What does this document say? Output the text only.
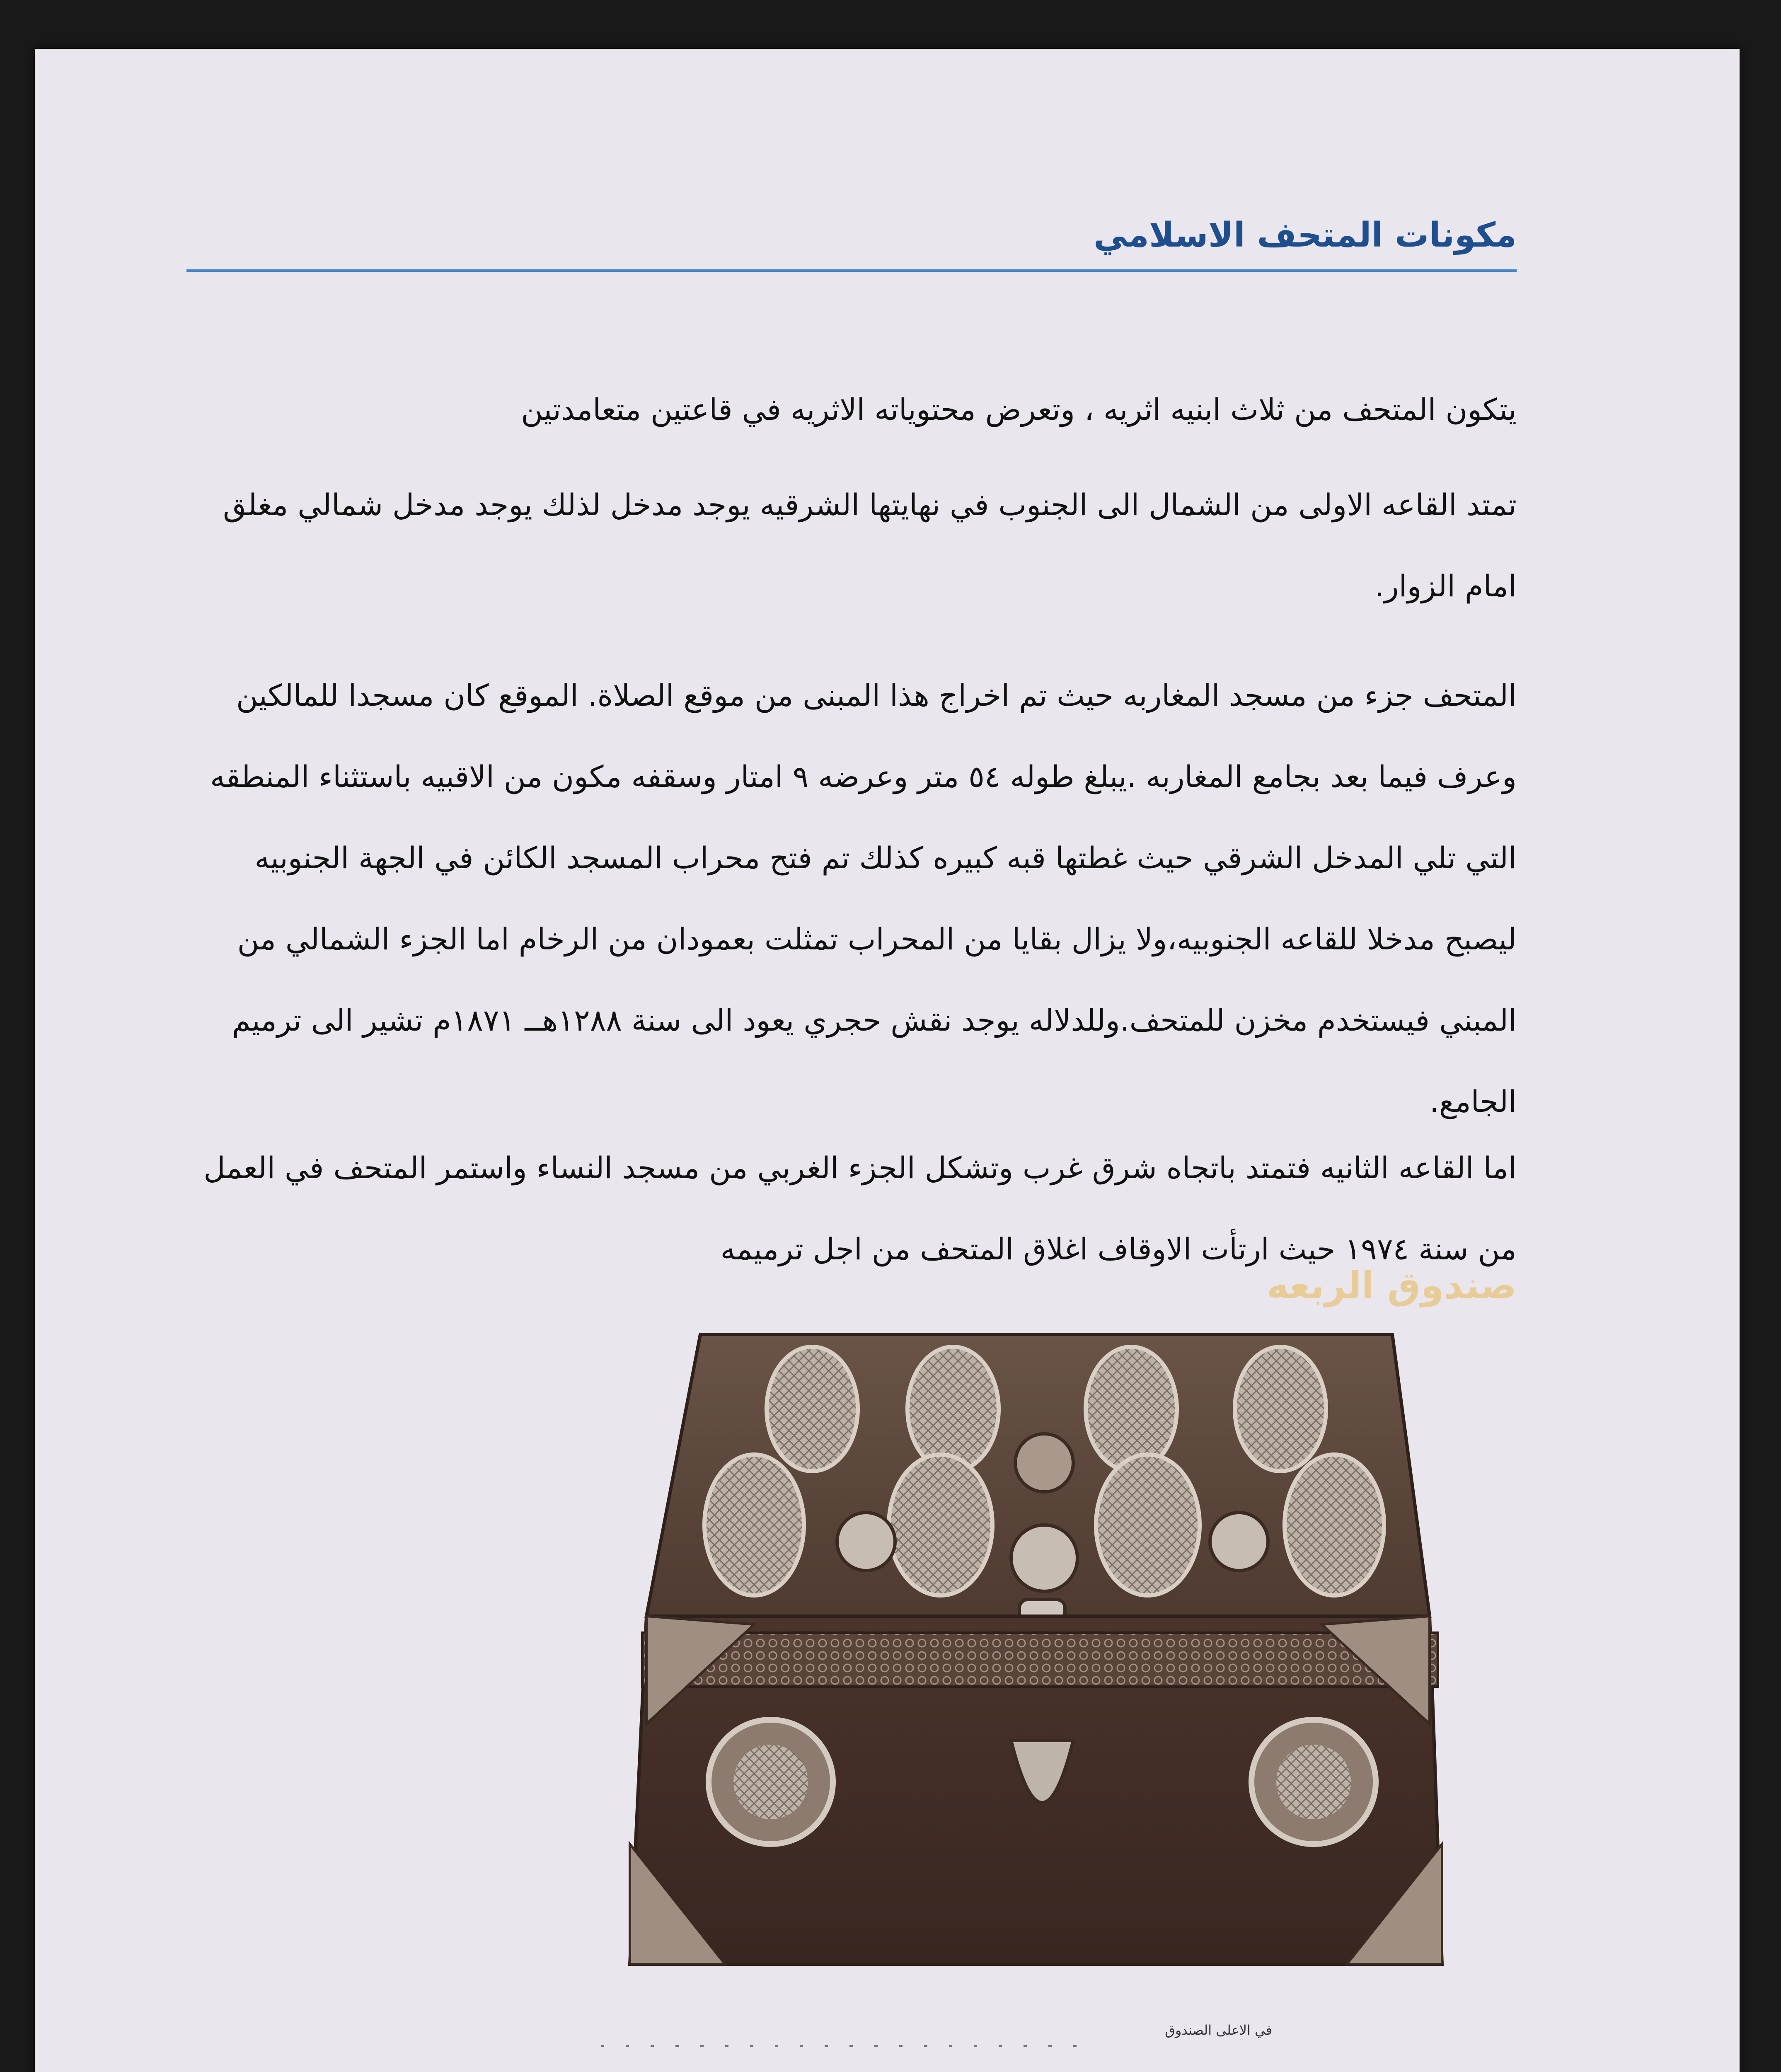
مكونات المتحف الاسلامي
يتكون المتحف من ثلاث ابنيه اثريه ، وتعرض محتوياته الاثريه في قاعتين متعامدتين
تمتد القاعه الاولى من الشمال الى الجنوب في نهايتها الشرقيه يوجد مدخل لذلك يوجد مدخل شمالي مغلق امام الزوار.
المتحف جزء من مسجد المغاربه حيث تم اخراج هذا المبنى من موقع الصلاة. الموقع كان مسجدا للمالكين وعرف فيما بعد بجامع المغاربه .يبلغ طوله ٥٤ متر وعرضه ٩ امتار وسقفه مكون من الاقبيه باستثناء المنطقه التي تلي المدخل الشرقي حيث غطتها قبه كبيره كذلك تم فتح محراب المسجد الكائن في الجهة الجنوبيه ليصبح مدخلا للقاعه الجنوبيه،ولا يزال بقايا من المحراب تمثلت بعمودان من الرخام اما الجزء الشمالي من المبني فيستخدم مخزن للمتحف.وللدلاله يوجد نقش حجري يعود الى سنة ١٢٨٨هــ ١٨٧١م تشير الى ترميم الجامع.
اما القاعه الثانيه فتمتد باتجاه شرق غرب وتشكل الجزء الغربي من مسجد النساء واستمر المتحف في العمل من سنة ١٩٧٤ حيث ارتأت الاوقاف اغلاق المتحف من اجل ترميمه
صندوق الربعه
في الاعلى الصندوق
